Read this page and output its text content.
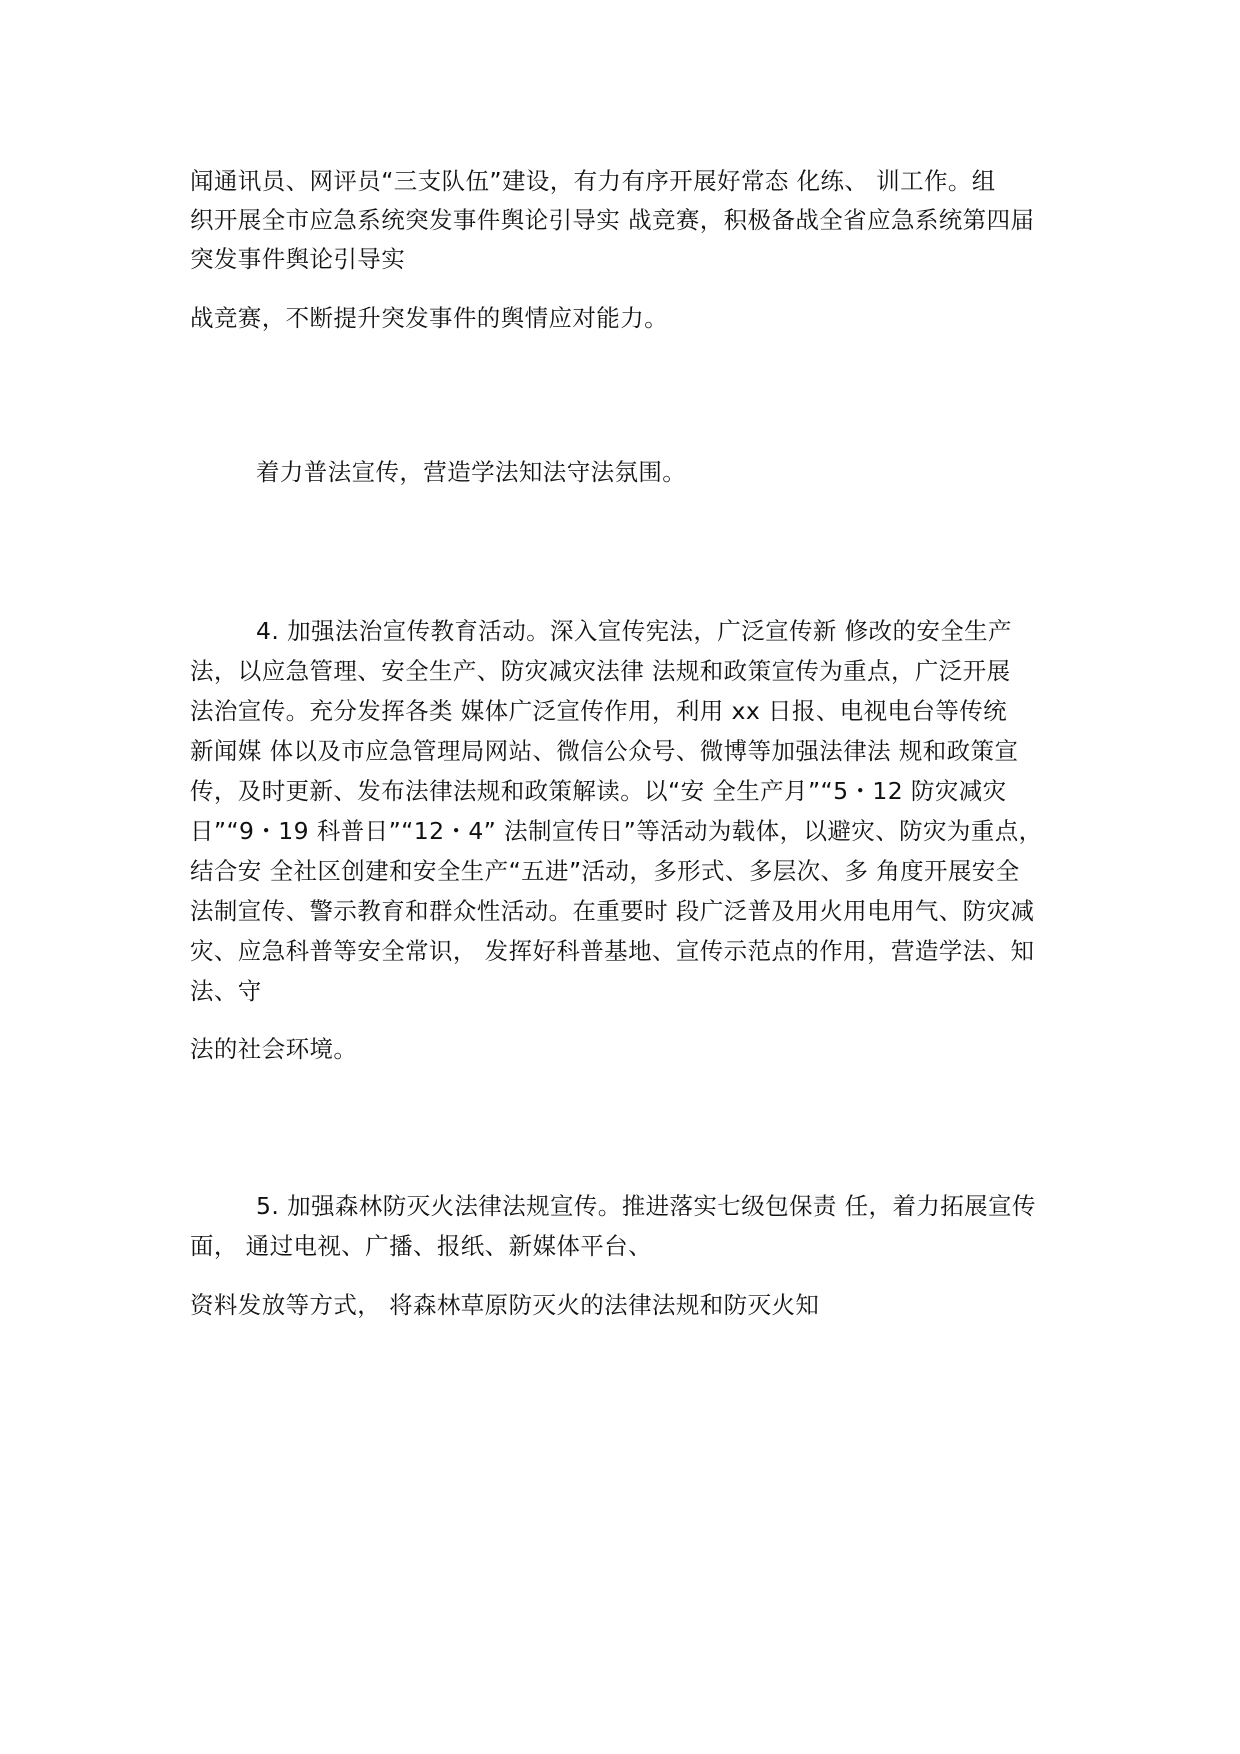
闻通讯员、网评员“三支队伍”建设，有力有序开展好常态 化练、 训工作。组
织开展全市应急系统突发事件舆论引导实 战竞赛，积极备战全省应急系统第四届
突发事件舆论引导实
战竞赛，不断提升突发事件的舆情应对能力。
着力普法宣传，营造学法知法守法氛围。
4. 加强法治宣传教育活动。深入宣传宪法，广泛宣传新 修改的安全生产
法，以应急管理、安全生产、防灾减灾法律 法规和政策宣传为重点，广泛开展
法治宣传。充分发挥各类 媒体广泛宣传作用，利用 xx 日报、电视电台等传统
新闻媒 体以及市应急管理局网站、微信公众号、微博等加强法律法 规和政策宣
传，及时更新、发布法律法规和政策解读。以“安 全生产月”“5・12 防灾减灾
日”“9・19 科普日”“12・4” 法制宣传日”等活动为载体，以避灾、防灾为重点，
结合安 全社区创建和安全生产“五进”活动，多形式、多层次、多 角度开展安全
法制宣传、警示教育和群众性活动。在重要时 段广泛普及用火用电用气、防灾减
灾、应急科普等安全常识， 发挥好科普基地、宣传示范点的作用，营造学法、知
法、守
法的社会环境。
5. 加强森林防灭火法律法规宣传。推进落实七级包保责 任，着力拓展宣传
面， 通过电视、广播、报纸、新媒体平台、
资料发放等方式， 将森林草原防灭火的法律法规和防灭火知
